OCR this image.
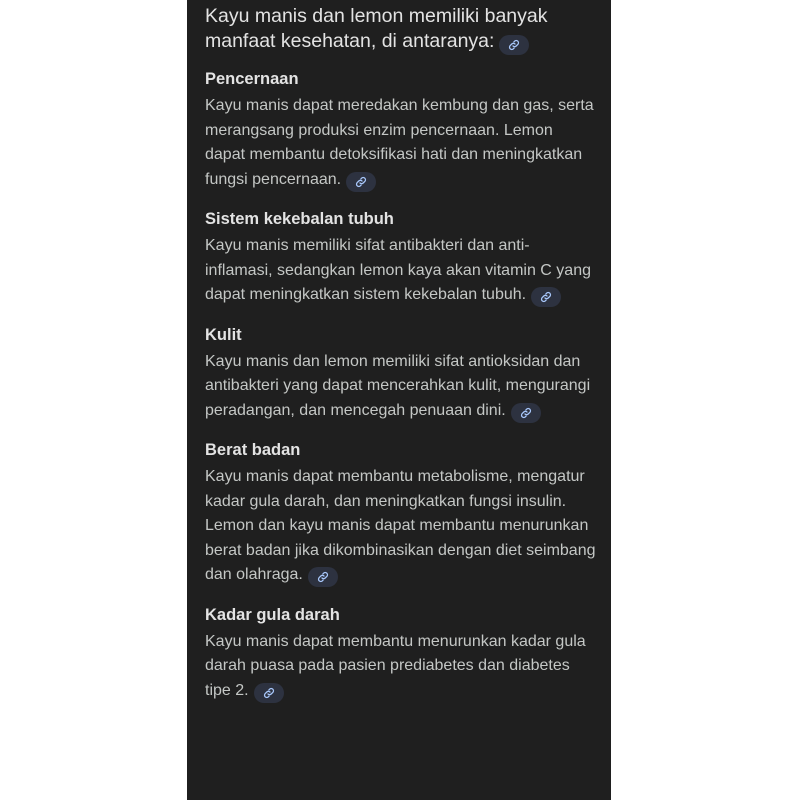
Kayu manis dan lemon memiliki banyak manfaat kesehatan, di antaranya:

Pencernaan

Kayu manis dapat meredakan kembung dan gas, serta merangsang produksi enzim pencernaan. Lemon dapat membantu detoksifikasi hati dan meningkatkan fungsi pencernaan.

Sistem kekebalan tubuh

Kayu manis memiliki sifat antibakteri dan anti-inflamasi, sedangkan lemon kaya akan vitamin C yang dapat meningkatkan sistem kekebalan tubuh.

Kulit

Kayu manis dan lemon memiliki sifat antioksidan dan antibakteri yang dapat mencerahkan kulit, mengurangi peradangan, dan mencegah penuaan dini.

Berat badan

Kayu manis dapat membantu metabolisme, mengatur kadar gula darah, dan meningkatkan fungsi insulin. Lemon dan kayu manis dapat membantu menurunkan berat badan jika dikombinasikan dengan diet seimbang dan olahraga.

Kadar gula darah

Kayu manis dapat membantu menurunkan kadar gula darah puasa pada pasien prediabetes dan diabetes tipe 2.
